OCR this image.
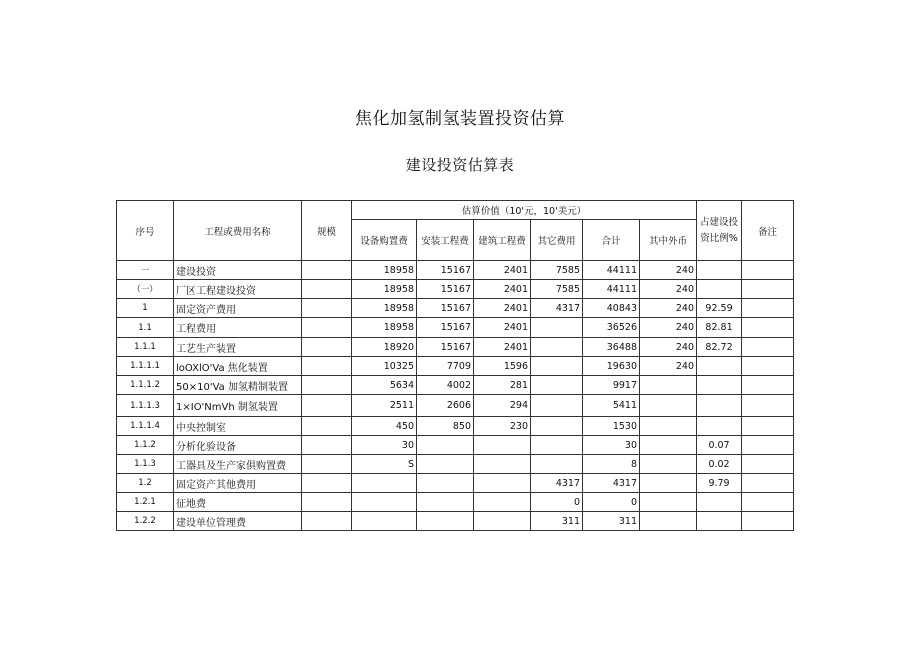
焦化加氢制氢装置投资估算
建设投资估算表
序号	工程或费用名称	规模	估算价值（10'元，10'美元）						占建设投资比例%	备注
			设备购置费	安装工程费	建筑工程费	其它费用	合计	其中外币		
一	建设投资		18958	15167	2401	7585	44111	240		
（一）	厂区工程建设投资		18958	15167	2401	7585	44111	240		
1	固定资产费用		18958	15167	2401	4317	40843	240	92.59	
1.1	工程费用		18958	15167	2401		36526	240	82.81	
1.1.1	工艺生产装置		18920	15167	2401		36488	240	82.72	
1.1.1.1	loOXlO'Va 焦化装置		10325	7709	1596		19630	240		
1.1.1.2	50×10'Va 加氢精制装置		5634	4002	281		9917			
1.1.1.3	1×IO'NmVh 制氢装置		2511	2606	294		5411			
1.1.1.4	中央控制室		450	850	230		1530			
1.1.2	分析化验设备		30				30		0.07	
1.1.3	工器具及生产家俱购置费		S				8		0.02	
1.2	固定资产其他费用					4317	4317		9.79	
1.2.1	征地费					0	0			
1.2.2	建设单位管理费					311	311			
